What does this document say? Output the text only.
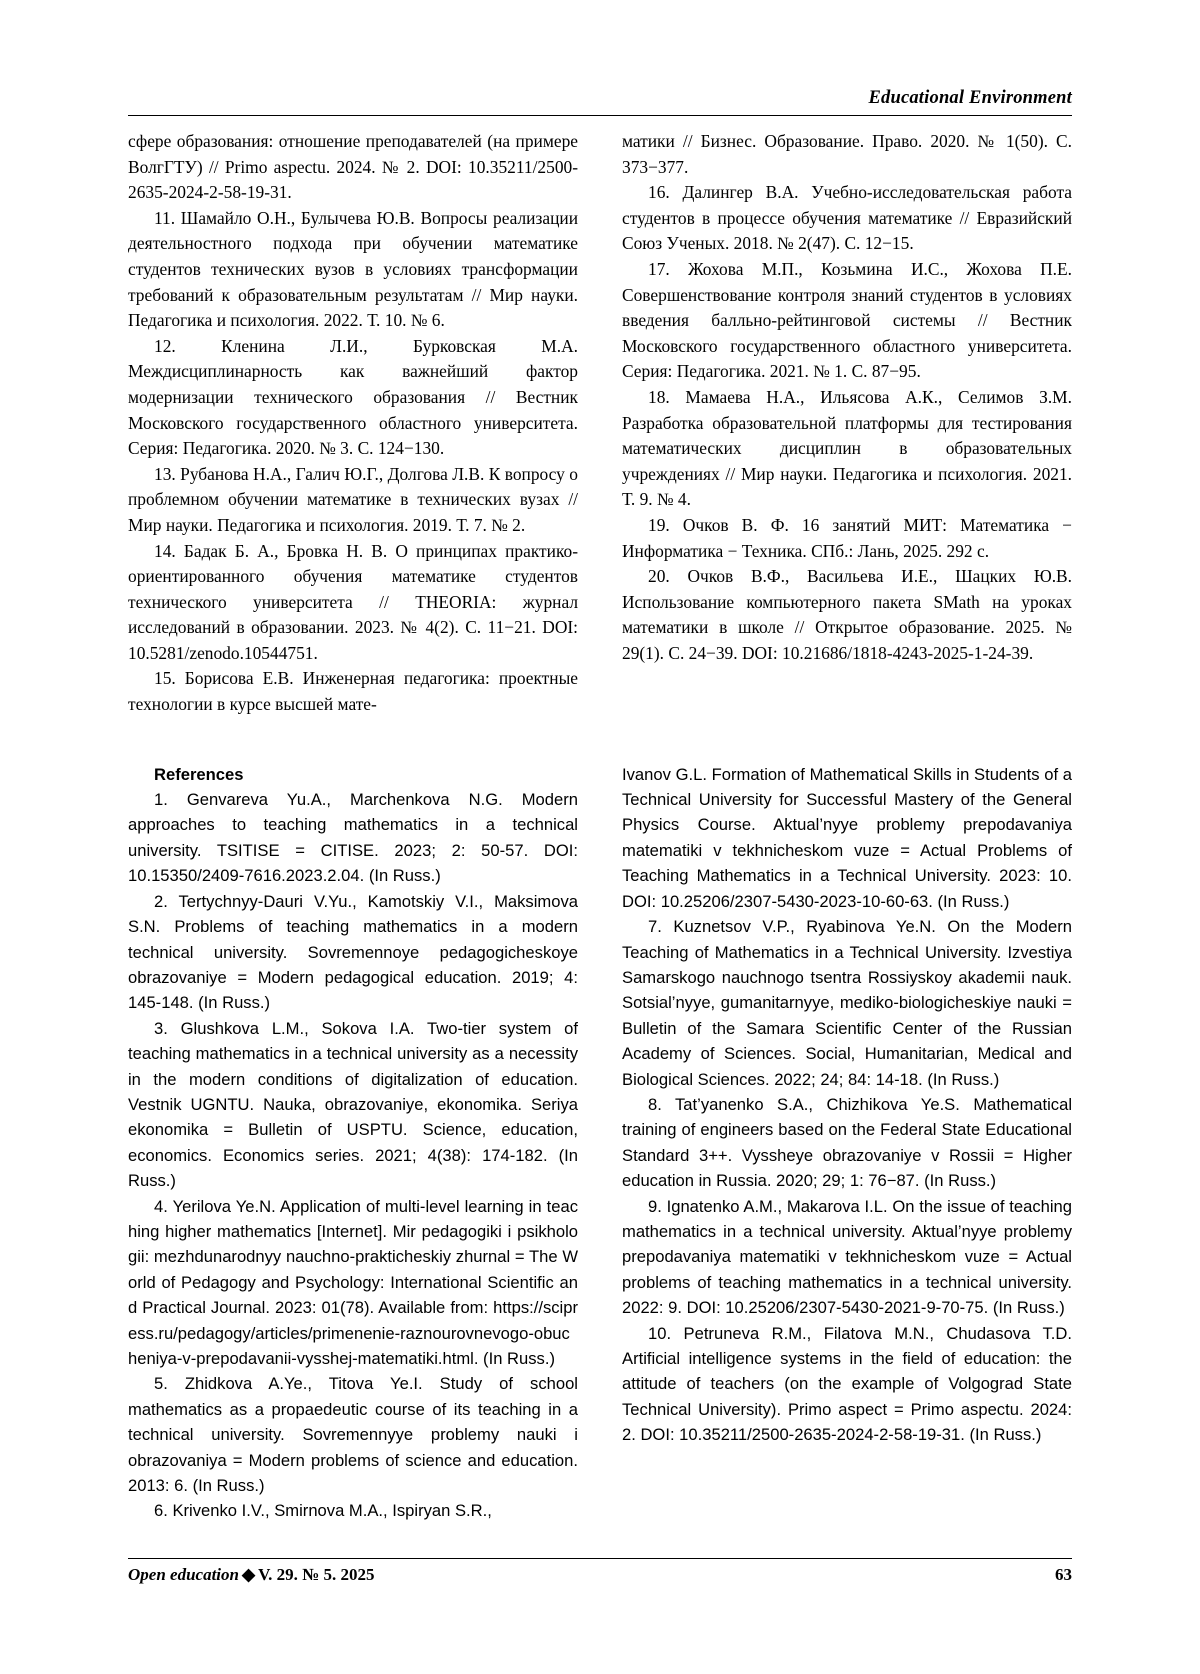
Educational Environment

сфере образования: отношение преподавателей (на примере ВолгГТУ) // Primo aspectu. 2024. № 2. DOI: 10.35211/2500-2635-2024-2-58-19-31.

11. Шамайло О.Н., Булычева Ю.В. Вопросы реализации деятельностного подхода при обучении математике студентов технических вузов в условиях трансформации требований к образовательным результатам // Мир науки. Педагогика и психология. 2022. Т. 10. № 6.

12. Кленина Л.И., Бурковская М.А. Междисциплинарность как важнейший фактор модернизации технического образования // Вестник Московского государственного областного университета. Серия: Педагогика. 2020. № 3. С. 124−130.

13. Рубанова Н.А., Галич Ю.Г., Долгова Л.В. К вопросу о проблемном обучении математике в технических вузах // Мир науки. Педагогика и психология. 2019. Т. 7. № 2.

14. Бадак Б. А., Бровка Н. В. О принципах практико-ориентированного обучения математике студентов технического университета // THEORIA: журнал исследований в образовании. 2023. № 4(2). С. 11−21. DOI: 10.5281/zenodo.10544751.

15. Борисова Е.В. Инженерная педагогика: проектные технологии в курсе высшей мате-

матики // Бизнес. Образование. Право. 2020. № 1(50). С. 373−377.

16. Далингер В.А. Учебно-исследовательская работа студентов в процессе обучения математике // Евразийский Союз Ученых. 2018. № 2(47). С. 12−15.

17. Жохова М.П., Козьмина И.С., Жохова П.Е. Совершенствование контроля знаний студентов в условиях введения балльно-рейтинговой системы // Вестник Московского государственного областного университета. Серия: Педагогика. 2021. № 1. С. 87−95.

18. Мамаева Н.А., Ильясова А.К., Селимов З.М. Разработка образовательной платформы для тестирования математических дисциплин в образовательных учреждениях // Мир науки. Педагогика и психология. 2021. Т. 9. № 4.

19. Очков В. Ф. 16 занятий МИТ: Математика − Информатика − Техника. СПб.: Лань, 2025. 292 с.

20. Очков В.Ф., Васильева И.Е., Шацких Ю.В. Использование компьютерного пакета SMath на уроках математики в школе // Открытое образование. 2025. № 29(1). С. 24−39. DOI: 10.21686/1818-4243-2025-1-24-39.

References

1. Genvareva Yu.A., Marchenkova N.G. Modern approaches to teaching mathematics in a technical university. TSITISE = CITISE. 2023; 2: 50-57. DOI: 10.15350/2409-7616.2023.2.04. (In Russ.)

2. Tertychnyy-Dauri V.Yu., Kamotskiy V.I., Maksimova S.N. Problems of teaching mathematics in a modern technical university. Sovremennoye pedagogicheskoye obrazovaniye = Modern pedagogical education. 2019; 4: 145-148. (In Russ.)

3. Glushkova L.M., Sokova I.A. Two-tier system of teaching mathematics in a technical university as a necessity in the modern conditions of digitalization of education. Vestnik UGNTU. Nauka, obrazovaniye, ekonomika. Seriya ekonomika = Bulletin of USPTU. Science, education, economics. Economics series. 2021; 4(38): 174-182. (In Russ.)

4. Yerilova Ye.N. Application of multi-level learning in teaching higher mathematics [Internet]. Mir pedagogiki i psikhologii: mezhdunarodnyy nauchno-prakticheskiy zhurnal = The World of Pedagogy and Psychology: International Scientific and Practical Journal. 2023: 01(78). Available from: https://scipress.ru/pedagogy/articles/primenenie-raznourovnevogo-obucheniya-v-prepodavanii-vysshej-matematiki.html. (In Russ.)

5. Zhidkova A.Ye., Titova Ye.I. Study of school mathematics as a propaedeutic course of its teaching in a technical university. Sovremennyye problemy nauki i obrazovaniya = Modern problems of science and education. 2013: 6. (In Russ.)

6. Krivenko I.V., Smirnova M.A., Ispiryan S.R.,

Ivanov G.L. Formation of Mathematical Skills in Students of a Technical University for Successful Mastery of the General Physics Course. Aktual’nyye problemy prepodavaniya matematiki v tekhnicheskom vuze = Actual Problems of Teaching Mathematics in a Technical University. 2023: 10. DOI: 10.25206/2307-5430-2023-10-60-63. (In Russ.)

7. Kuznetsov V.P., Ryabinova Ye.N. On the Modern Teaching of Mathematics in a Technical University. Izvestiya Samarskogo nauchnogo tsentra Rossiyskoy akademii nauk. Sotsial’nyye, gumanitarnyye, mediko-biologicheskiye nauki = Bulletin of the Samara Scientific Center of the Russian Academy of Sciences. Social, Humanitarian, Medical and Biological Sciences. 2022; 24; 84: 14-18. (In Russ.)

8. Tat’yanenko S.A., Chizhikova Ye.S. Mathematical training of engineers based on the Federal State Educational Standard 3++. Vyssheye obrazovaniye v Rossii = Higher education in Russia. 2020; 29; 1: 76−87. (In Russ.)

9. Ignatenko A.M., Makarova I.L. On the issue of teaching mathematics in a technical university. Aktual’nyye problemy prepodavaniya matematiki v tekhnicheskom vuze = Actual problems of teaching mathematics in a technical university. 2022: 9. DOI: 10.25206/2307-5430-2021-9-70-75. (In Russ.)

10. Petruneva R.M., Filatova M.N., Chudasova T.D. Artificial intelligence systems in the field of education: the attitude of teachers (on the example of Volgograd State Technical University). Primo aspect = Primo aspectu. 2024: 2. DOI: 10.35211/2500-2635-2024-2-58-19-31. (In Russ.)

Open education ◆ V. 29. № 5. 2025	63
